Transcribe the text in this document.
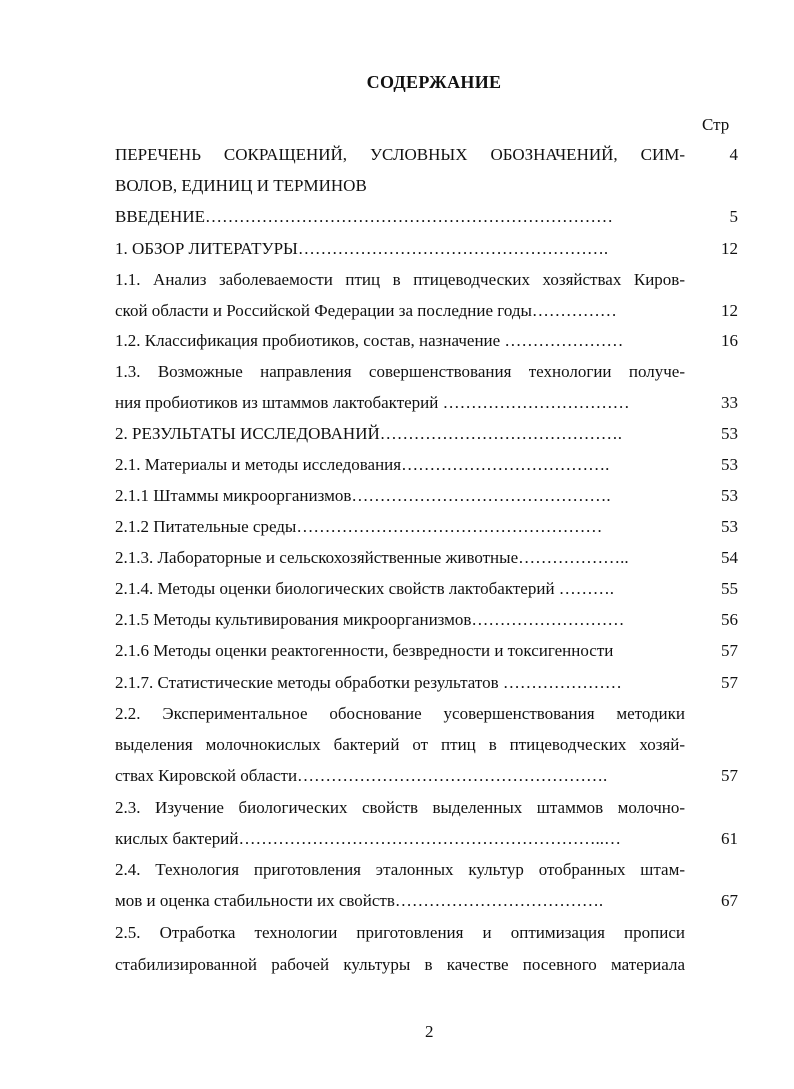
СОДЕРЖАНИЕ
Стр
ПЕРЕЧЕНЬ СОКРАЩЕНИЙ, УСЛОВНЫХ ОБОЗНАЧЕНИЙ, СИМ-	4
ВОЛОВ, ЕДИНИЦ И ТЕРМИНОВ
ВВЕДЕНИЕ………………………………………………………………	5
1. ОБЗОР ЛИТЕРАТУРЫ……………………………………………….	12
1.1. Анализ заболеваемости птиц в птицеводческих хозяйствах Киров-
ской области и Российской Федерации за последние годы……………	12
1.2. Классификация пробиотиков, состав, назначение …………………	16
1.3. Возможные направления совершенствования технологии получе-
ния пробиотиков из штаммов лактобактерий ……………………………	33
2. РЕЗУЛЬТАТЫ ИССЛЕДОВАНИЙ…………………………………….	53
2.1. Материалы и методы исследования……………………………….	53
2.1.1 Штаммы микроорганизмов……………………………………….	53
2.1.2 Питательные среды………………………………………………	53
2.1.3. Лабораторные и сельскохозяйственные животные………………..	54
2.1.4. Методы оценки биологических свойств лактобактерий ……….	55
2.1.5 Методы культивирования микроорганизмов………………………	56
2.1.6 Методы оценки реактогенности, безвредности и токсигенности	57
2.1.7. Статистические методы обработки результатов …………………	57
2.2. Экспериментальное обоснование усовершенствования методики
выделения молочнокислых бактерий от птиц в птицеводческих хозяй-
ствах Кировской области……………………………………………….	57
2.3. Изучение биологических свойств выделенных штаммов молочно-
кислых бактерий………………………………………………………..…	61
2.4. Технология приготовления эталонных культур отобранных штам-
мов и оценка стабильности их свойств……………………………….	67
2.5. Отработка технологии приготовления и оптимизация прописи
стабилизированной рабочей культуры в качестве посевного материала
2
